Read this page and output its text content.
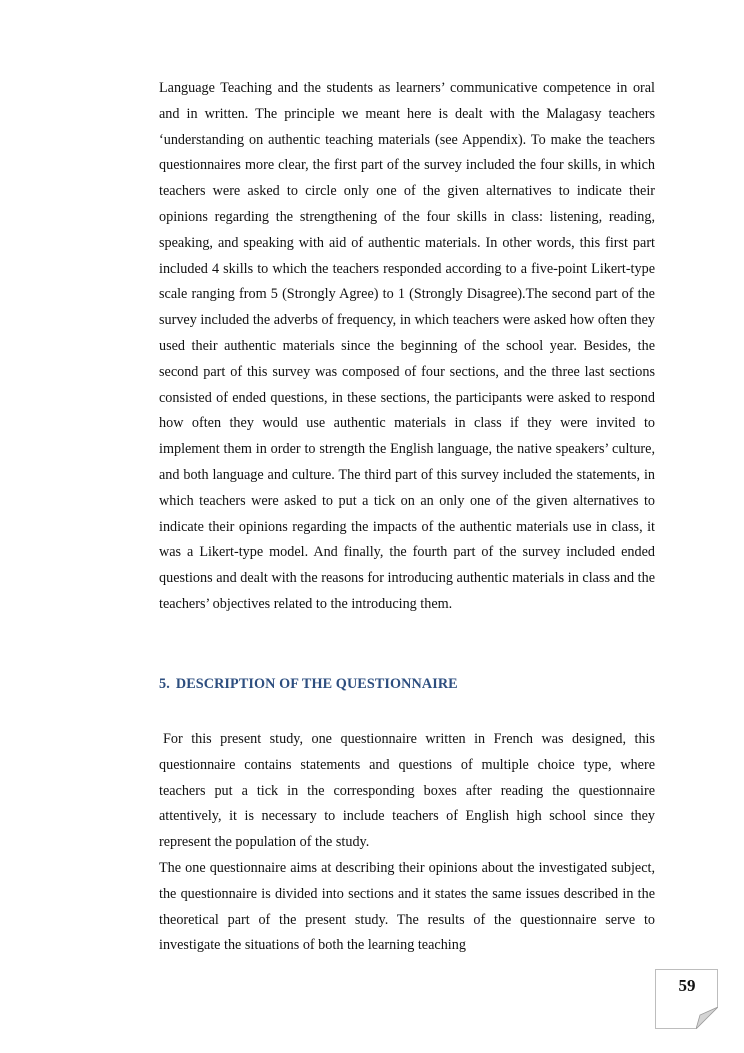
Language Teaching and the students as learners’ communicative competence in oral and in written. The principle we meant here is dealt with the Malagasy teachers ‘understanding on authentic teaching materials (see Appendix). To make the teachers questionnaires more clear, the first part of the survey included the four skills, in which teachers were asked to circle only one of the given alternatives to indicate their opinions regarding the strengthening of the four skills in class: listening, reading, speaking, and speaking with aid of authentic materials. In other words, this first part included 4 skills to which the teachers responded according to a five-point Likert-type scale ranging from 5 (Strongly Agree) to 1 (Strongly Disagree).The second part of the survey included the adverbs of frequency, in which teachers were asked how often they used their authentic materials since the beginning of the school year. Besides, the second part of this survey was composed of four sections, and the three last sections consisted of ended questions, in these sections, the participants were asked to respond how often they would use authentic materials in class if they were invited to implement them in order to strength the English language, the native speakers’ culture, and both language and culture. The third part of this survey included the statements, in which teachers were asked to put a tick on an only one of the given alternatives to indicate their opinions regarding the impacts of the authentic materials use in class, it was a Likert-type model. And finally, the fourth part of the survey included ended questions and dealt with the reasons for introducing authentic materials in class and the teachers’ objectives related to the introducing them.

5. DESCRIPTION OF THE QUESTIONNAIRE

For this present study, one questionnaire written in French was designed, this questionnaire contains statements and questions of multiple choice type, where teachers put a tick in the corresponding boxes after reading the questionnaire attentively, it is necessary to include teachers of English high school since they represent the population of the study.

The one questionnaire aims at describing their opinions about the investigated subject, the questionnaire is divided into sections and it states the same issues described in the theoretical part of the present study. The results of the questionnaire serve to investigate the situations of both the learning teaching

59
